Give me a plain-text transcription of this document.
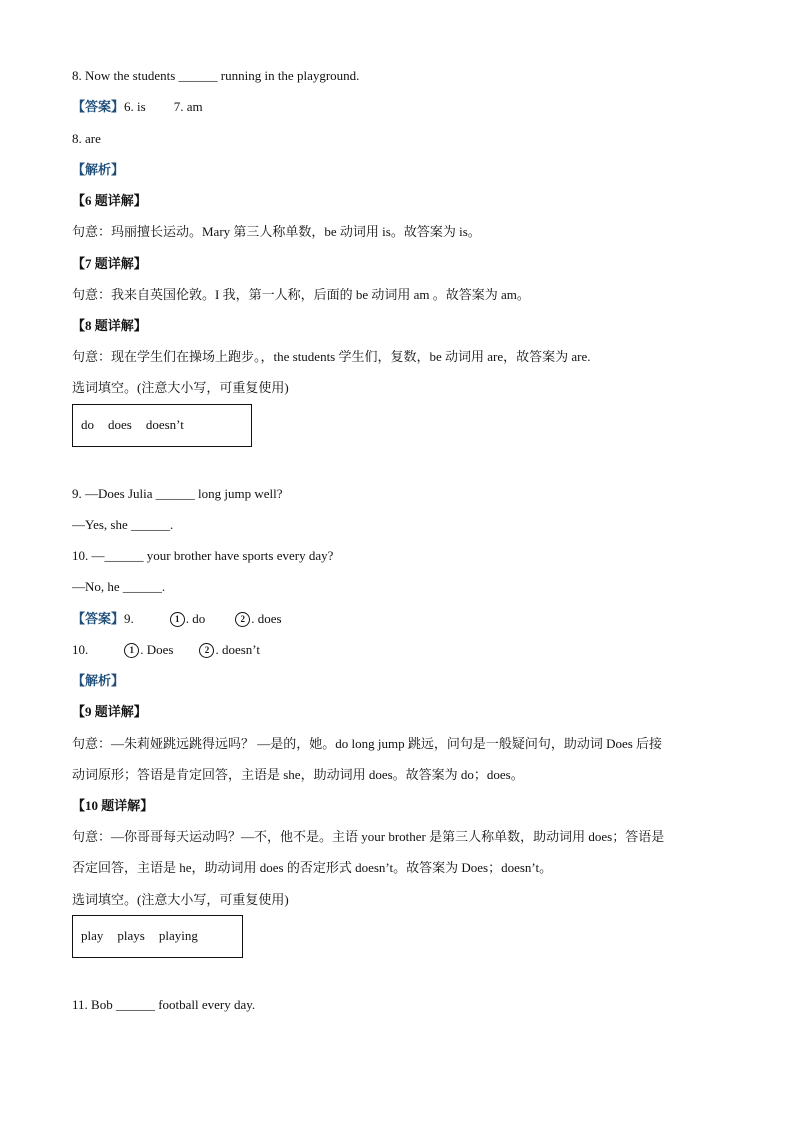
8. Now the students ______ running in the playground.
【答案】6. is 7. am
8. are
【解析】
【6 题详解】
句意：玛丽擅长运动。Mary 第三人称单数，be 动词用 is。故答案为 is。
【7 题详解】
句意：我来自英国伦敦。I 我，第一人称，后面的 be 动词用 am 。故答案为 am。
【8 题详解】
句意：现在学生们在操场上跑步。，the students 学生们，复数，be 动词用 are，故答案为 are.
选词填空。(注意大小写，可重复使用)
do does doesn’t
9. —Does Julia ______ long jump well?
—Yes, she ______.
10. —______ your brother have sports every day?
—No, he ______.
【答案】9.	1 . do	2 . does
10.	1 . Does	2 . doesn’t
【解析】
【9 题详解】
句意：—朱莉娅跳远跳得远吗？ —是的，她。do long jump 跳远，问句是一般疑问句，助动词 Does 后接
动词原形；答语是肯定回答，主语是 she，助动词用 does。故答案为 do；does。
【10 题详解】
句意：—你哥哥每天运动吗？—不，他不是。主语 your brother 是第三人称单数，助动词用 does；答语是
否定回答，主语是 he，助动词用 does 的否定形式 doesn’t。故答案为 Does；doesn’t。
选词填空。(注意大小写，可重复使用)
play plays playing
11. Bob ______ football every day.
